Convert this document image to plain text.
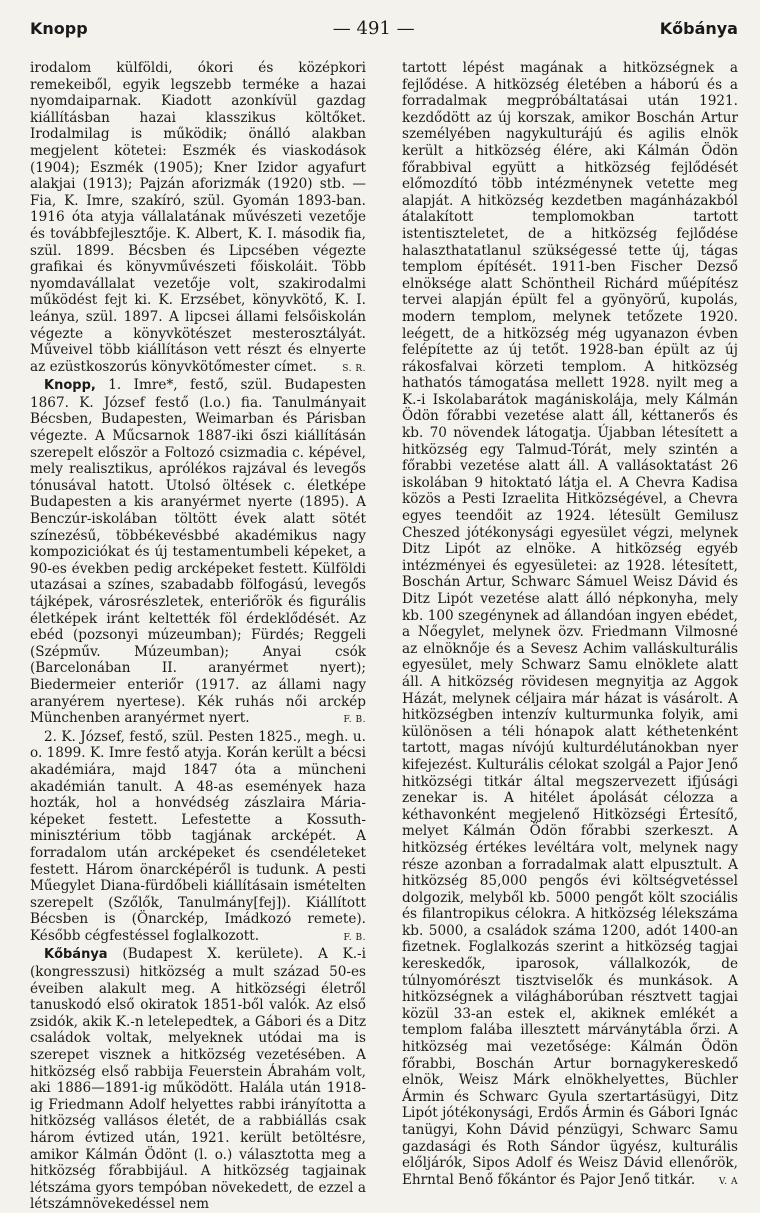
Knopp	— 491 —	Kőbánya

irodalom külföldi, ókori és középkori remekeiből, egyik legszebb terméke a hazai nyomdaiparnak. Kiadott azonkívül gazdag kiállításban hazai klasszikus költőket. Irodalmilag is működik; önálló alakban megjelent kötetei: Eszmék és viaskodások (1904); Eszmék (1905); Kner Izidor agyafurt alakjai (1913); Pajzán aforizmák (1920) stb. — Fia, K. Imre, szakíró, szül. Gyomán 1893-ban. 1916 óta atyja vállalatának művészeti vezetője és továbbfejlesztője. K. Albert, K. I. második fia, szül. 1899. Bécsben és Lipcsében végezte grafikai és könyvművészeti főiskoláit. Több nyomdavállalat vezetője volt, szakirodalmi működést fejt ki. K. Erzsébet, könyvkötő, K. I. leánya, szül. 1897. A lipcsei állami felsőiskolán végezte a könyvkötészet mesterosztályát. Műveivel több kiállításon vett részt és elnyerte az ezüstkoszorús könyvkötőmester címet.	S. R.

Knopp, 1. Imre*, festő, szül. Budapesten 1867. K. József festő (l.o.) fia. Tanulmányait Bécsben, Budapesten, Weimarban és Párisban végezte. A Műcsarnok 1887-iki őszi kiállításán szerepelt először a Foltozó csizmadia c. képével, mely realisztikus, aprólékos rajzával és levegős tónusával hatott. Utolsó öltések c. életképe Budapesten a kis aranyérmet nyerte (1895). A Benczúr-iskolában töltött évek alatt sötét színezésű, többékevésbbé akadémikus nagy kompoziciókat és új testamentumbeli képeket, a 90-es években pedig arcképeket festett. Külföldi utazásai a színes, szabadabb fölfogású, levegős tájképek, városrészletek, enteriőrök és figurális életképek iránt keltették föl érdeklődését. Az ebéd (pozsonyi múzeumban); Fürdés; Reggeli (Szépműv. Múzeumban); Anyai csók (Barcelonában II. aranyérmet nyert); Biedermeier enteriőr (1917. az állami nagy aranyérem nyertese). Kék ruhás női arckép Münchenben aranyérmet nyert.	F. B.

2. K. József, festő, szül. Pesten 1825., megh. u. o. 1899. K. Imre festő atyja. Korán került a bécsi akadémiára, majd 1847 óta a müncheni akadémián tanult. A 48-as események haza hozták, hol a honvédség zászlaira Mária-képeket festett. Lefestette a Kossuth-minisztérium több tagjának arcképét. A forradalom után arcképeket és csendéleteket festett. Három önarcképéről is tudunk. A pesti Műegylet Diana-fürdőbeli kiállításain ismételten szerepelt (Szőlők, Tanulmány[fej]). Kiállított Bécsben is (Önarckép, Imádkozó remete). Később cégfestéssel foglalkozott.	F. B.

Kőbánya (Budapest X. kerülete). A K.-i (kongresszusi) hitközség a mult század 50-es éveiben alakult meg. A hitközségi életről tanuskodó első okiratok 1851-ből valók. Az első zsidók, akik K.-n letelepedtek, a Gábori és a Ditz családok voltak, melyeknek utódai ma is szerepet visznek a hitközség vezetésében. A hitközség első rabbija Feuerstein Ábrahám volt, aki 1886—1891-ig működött. Halála után 1918-ig Friedmann Adolf helyettes rabbi irányította a hitközség vallásos életét, de a rabbiállás csak három évtized után, 1921. került betöltésre, amikor Kálmán Ödönt (l. o.) választotta meg a hitközség főrabbijául. A hitközség tagjainak létszáma gyors tempóban növekedett, de ezzel a létszámnövekedéssel nem

tartott lépést magának a hitközségnek a fejlődése. A hitközség életében a háború és a forradalmak megpróbáltatásai után 1921. kezdődött az új korszak, amikor Boschán Artur személyében nagykulturájú és agilis elnök került a hitközség élére, aki Kálmán Ödön főrabbival együtt a hitközség fejlődését előmozdító több intézménynek vetette meg alapját. A hitközség kezdetben magánházakból átalakított templomokban tartott istentiszteletet, de a hitközség fejlődése halaszthatatlanul szükségessé tette új, tágas templom építését. 1911-ben Fischer Dezső elnöksége alatt Schöntheil Richárd műépítész tervei alapján épült fel a gyönyörű, kupolás, modern templom, melynek tetőzete 1920. leégett, de a hitközség még ugyanazon évben felépítette az új tetőt. 1928-ban épült az új rákosfalvai körzeti templom. A hitközség hathatós támogatása mellett 1928. nyilt meg a K.-i Iskolabarátok magániskolája, mely Kálmán Ödön főrabbi vezetése alatt áll, kéttanerős és kb. 70 növendek látogatja. Újabban létesített a hitközség egy Talmud-Tórát, mely szintén a főrabbi vezetése alatt áll. A vallásoktatást 26 iskolában 9 hitoktató látja el. A Chevra Kadisa közös a Pesti Izraelita Hitközségével, a Chevra egyes teendőit az 1924. létesült Gemilusz Cheszed jótékonysági egyesület végzi, melynek Ditz Lipót az elnöke. A hitközség egyéb intézményei és egyesületei: az 1928. létesített, Boschán Artur, Schwarc Sámuel Weisz Dávid és Ditz Lipót vezetése alatt álló népkonyha, mely kb. 100 szegénynek ad állandóan ingyen ebédet, a Nőegylet, melynek özv. Friedmann Vilmosné az elnöknője és a Sevesz Achim valláskulturális egyesület, mely Schwarz Samu elnöklete alatt áll. A hitközség rövidesen megnyitja az Aggok Házát, melynek céljaira már házat is vásárolt. A hitközségben intenzív kulturmunka folyik, ami különösen a téli hónapok alatt kéthetenként tartott, magas nívójú kulturdélutánokban nyer kifejezést. Kulturális célokat szolgál a Pajor Jenő hitközségi titkár által megszervezett ifjúsági zenekar is. A hitélet ápolását célozza a kéthavonként megjelenő Hitközségi Értesítő, melyet Kálmán Ödön főrabbi szerkeszt. A hitközség értékes levéltára volt, melynek nagy része azonban a forradalmak alatt elpusztult. A hitközség 85,000 pengős évi költségvetéssel dolgozik, melyből kb. 5000 pengőt költ szociális és filantropikus célokra. A hitközség lélekszáma kb. 5000, a családok száma 1200, adót 1400-an fizetnek. Foglalkozás szerint a hitközség tagjai kereskedők, iparosok, vállalkozók, de túlnyomórészt tisztviselők és munkások. A hitközségnek a világháborúban résztvett tagjai közül 33-an estek el, akiknek emlékét a templom falába illesztett márványtábla őrzi. A hitközség mai vezetősége: Kálmán Ödön főrabbi, Boschán Artur bornagykereskedő elnök, Weisz Márk elnökhelyettes, Büchler Ármin és Schwarc Gyula szertartásügyi, Ditz Lipót jótékonysági, Erdős Ármin és Gábori Ignác tanügyi, Kohn Dávid pénzügyi, Schwarc Samu gazdasági és Roth Sándor ügyész, kulturális előljárók, Sipos Adolf és Weisz Dávid ellenőrök, Ehrntal Benő főkántor és Pajor Jenő titkár.	V. A
